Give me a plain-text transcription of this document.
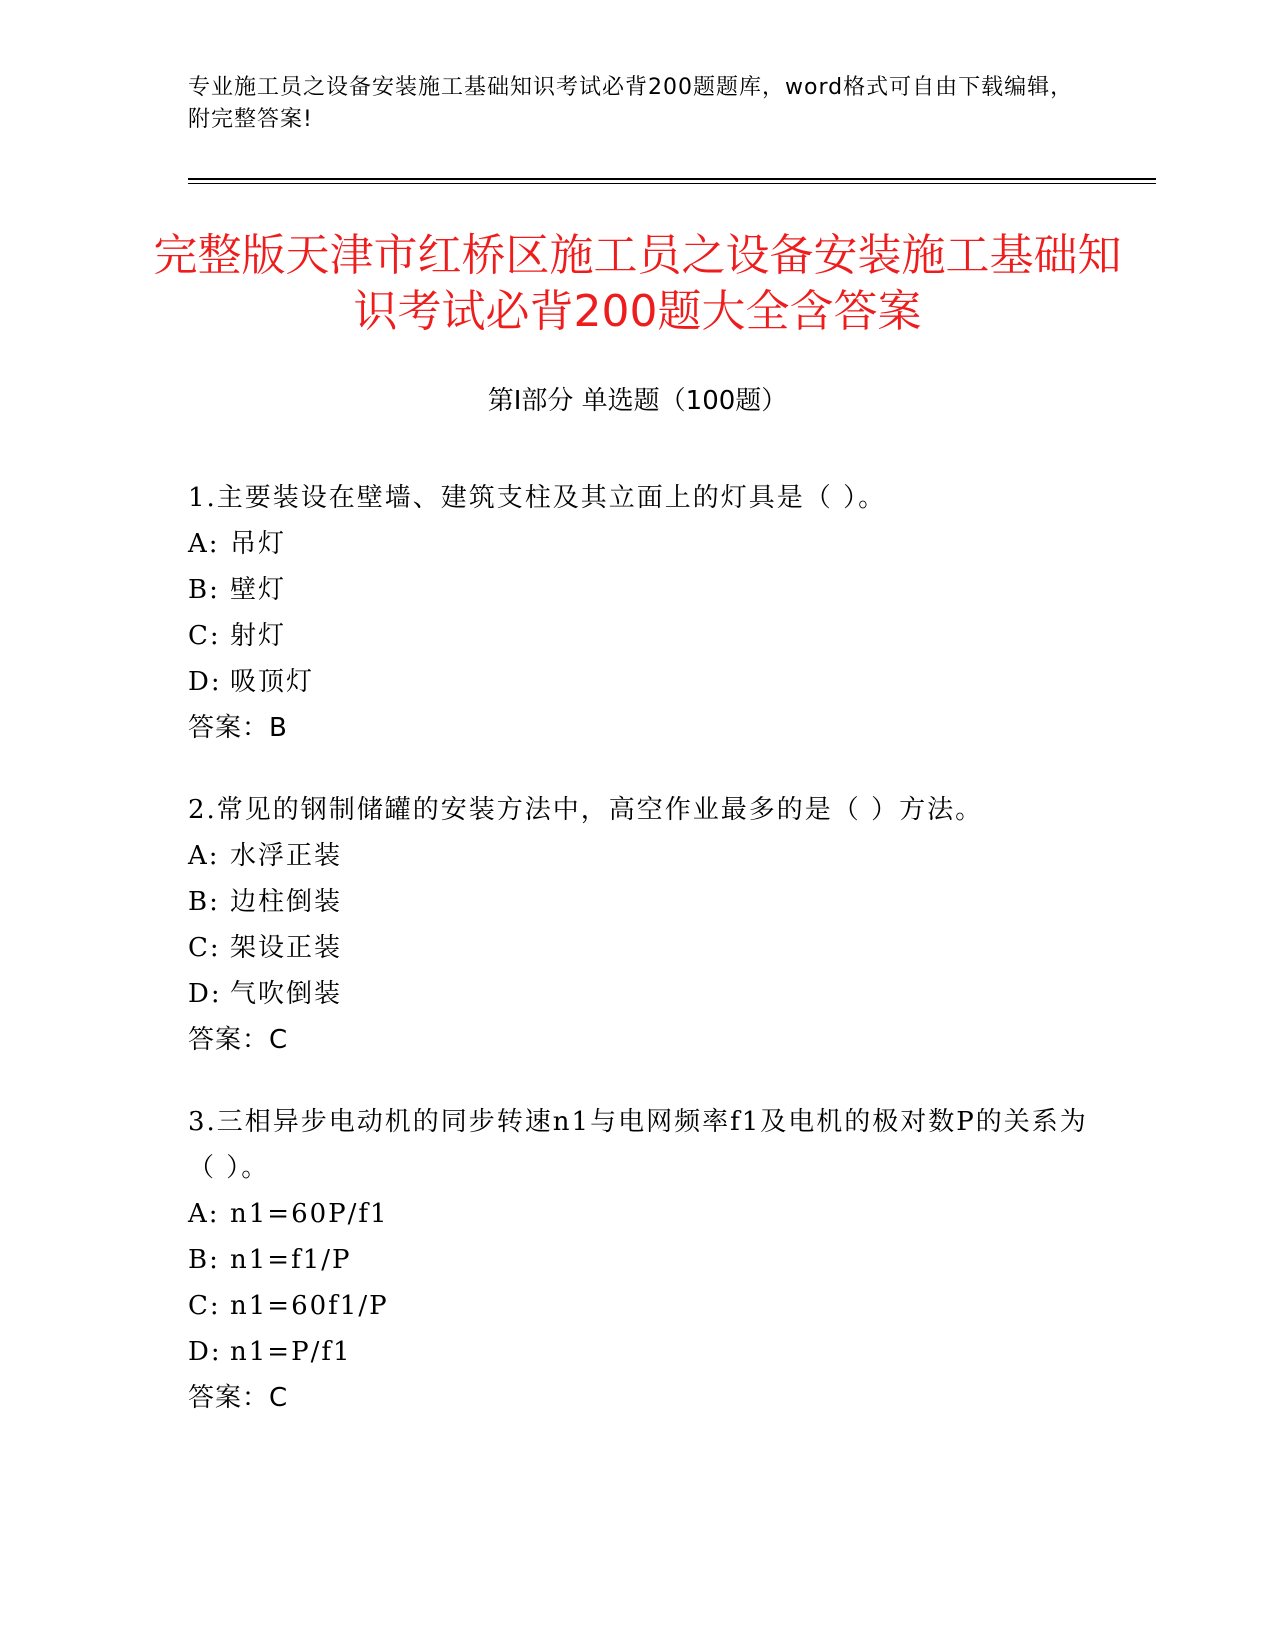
专业施工员之设备安装施工基础知识考试必背200题题库，word格式可自由下载编辑，附完整答案!
完整版天津市红桥区施工员之设备安装施工基础知识考试必背200题大全含答案
第I部分 单选题（100题）
1.主要装设在壁墙、建筑支柱及其立面上的灯具是（ ）。
A: 吊灯
B: 壁灯
C: 射灯
D: 吸顶灯
答案：B
2.常见的钢制储罐的安装方法中，高空作业最多的是（ ）方法。
A: 水浮正装
B: 边柱倒装
C: 架设正装
D: 气吹倒装
答案：C
3.三相异步电动机的同步转速n1与电网频率f1及电机的极对数P的关系为（ ）。
A: n1=60P/f1
B: n1=f1/P
C: n1=60f1/P
D: n1=P/f1
答案：C
